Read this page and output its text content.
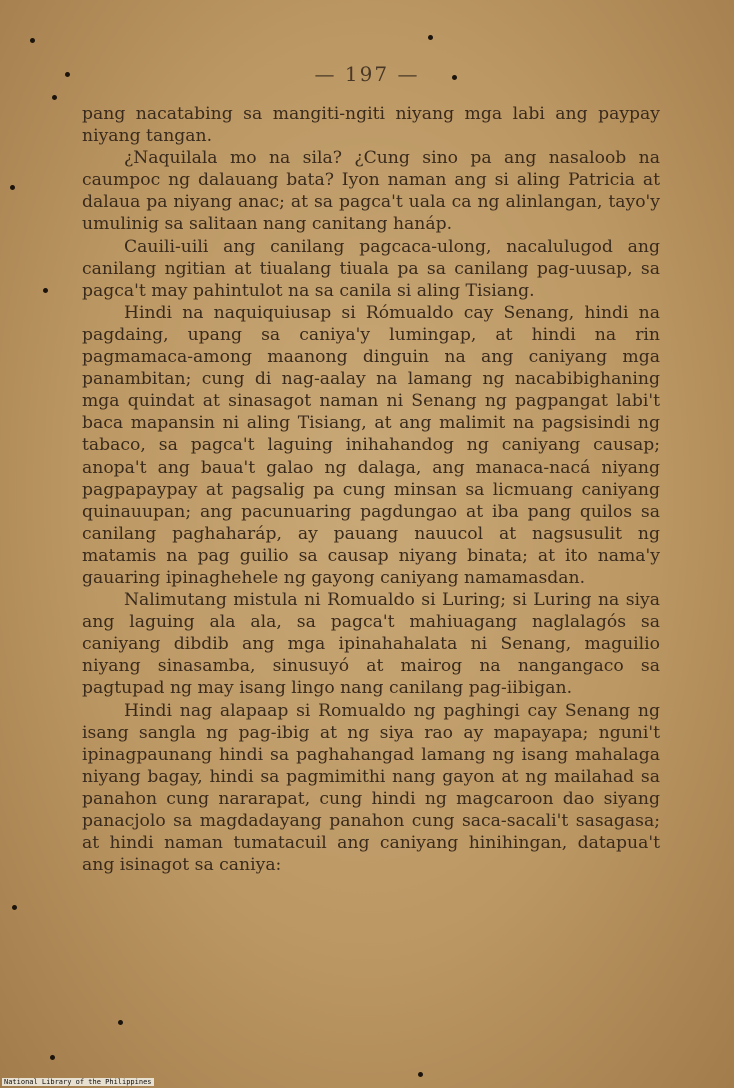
— 197 —

pang nacatabing sa mangiti-ngiti niyang mga labi ang paypay niyang tangan.

¿Naquilala mo na sila? ¿Cung sino pa ang nasaloob na caumpoc ng dalauang bata? Iyon naman ang si aling Patricia at dalaua pa niyang anac; at sa pagca't uala ca ng alinlangan, tayo'y umulinig sa salitaan nang canitang hanáp.

Cauili-uili ang canilang pagcaca-ulong, nacalulugod ang canilang ngitian at tiualang tiuala pa sa canilang pag-uusap, sa pagca't may pahintulot na sa canila si aling Tisiang.

Hindi na naquiquiusap si Rómualdo cay Senang, hindi na pagdaing, upang sa caniya'y lumingap, at hindi na rin pagmamaca-among maanong dinguin na ang caniyang mga panambitan; cung di nag-aalay na lamang ng nacabibighaning mga quindat at sinasagot naman ni Senang ng pagpangat labi't baca mapansin ni aling Tisiang, at ang malimit na pagsisindi ng tabaco, sa pagca't laguing inihahandog ng caniyang causap; anopa't ang baua't galao ng dalaga, ang manaca-nacá niyang pagpapaypay at pagsalig pa cung minsan sa licmuang caniyang quinauupan; ang pacunuaring pagdungao at iba pang quilos sa canilang paghaharáp, ay pauang nauucol at nagsusulit ng matamis na pag guilio sa causap niyang binata; at ito nama'y gauaring ipinaghehele ng gayong caniyang namamasdan.

Nalimutang mistula ni Romualdo si Luring; si Luring na siya ang laguing ala ala, sa pagca't mahiuagang naglalagós sa caniyang dibdib ang mga ipinahahalata ni Senang, maguilio niyang sinasamba, sinusuyó at mairog na nangangaco sa pagtupad ng may isang lingo nang canilang pag-iibigan.

Hindi nag alapaap si Romualdo ng paghingi cay Senang ng isang sangla ng pag-ibig at ng siya rao ay mapayapa; nguni't ipinagpaunang hindi sa paghahangad lamang ng isang mahalaga niyang bagay, hindi sa pagmimithi nang gayon at ng mailahad sa panahon cung nararapat, cung hindi ng magcaroon dao siyang panacjolo sa magdadayang panahon cung saca-sacali't sasagasa; at hindi naman tumatacuil ang caniyang hinihingan, datapua't ang isinagot sa caniya:

National Library of the Philippines
